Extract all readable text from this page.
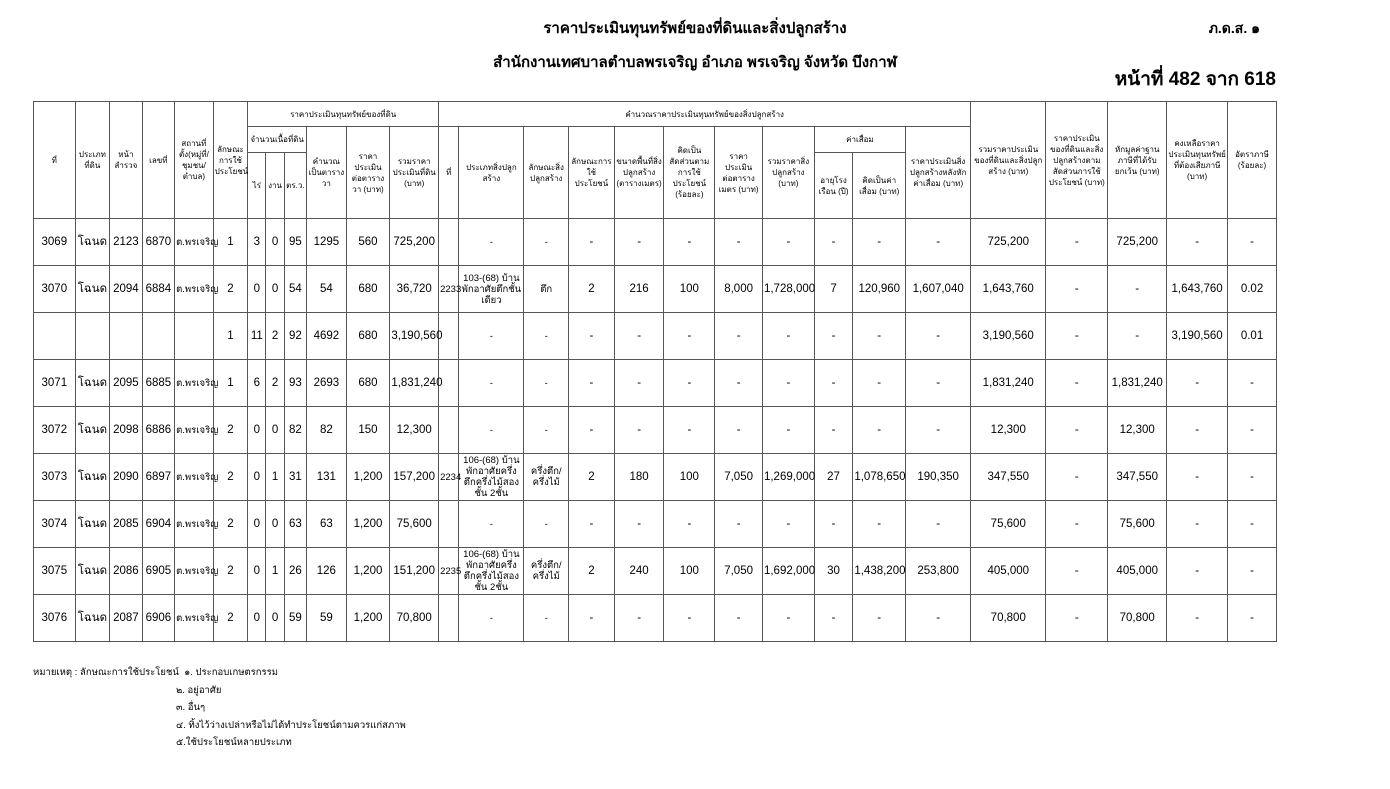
ราคาประเมินทุนทรัพย์ของที่ดินและสิ่งปลูกสร้าง
สำนักงานเทศบาลตำบลพรเจริญ อำเภอ พรเจริญ จังหวัด บึงกาฬ
ภ.ด.ส. ๑
หน้าที่ 482 จาก 618
ที่	ประเภทที่ดิน	หน้าสำรวจ	เลขที่	สถานที่ตั้ง(หมู่ที่/ชุมชน/ตำบล)	ลักษณะการใช้ประโยชน์	ราคาประเมินทุนทรัพย์ของที่ดิน						คำนวณราคาประเมินทุนทรัพย์ของสิ่งปลูกสร้าง											รวมราคาประเมินของที่ดินและสิ่งปลูกสร้าง (บาท)	ราคาประเมินของที่ดินและสิ่งปลูกสร้างตามสัดส่วนการใช้ประโยชน์ (บาท)	หักมูลค่าฐานภาษีที่ได้รับยกเว้น (บาท)	คงเหลือราคาประเมินทุนทรัพย์ที่ต้องเสียภาษี (บาท)	อัตราภาษี (ร้อยละ)
						จำนวนเนื้อที่ดิน			คำนวณเป็นตารางวา	ราคาประเมินต่อตารางวา (บาท)	รวมราคาประเมินที่ดิน (บาท)	ที่	ประเภทสิ่งปลูกสร้าง	ลักษณะสิ่งปลูกสร้าง	ลักษณะการใช้ประโยชน์	ขนาดพื้นที่สิ่งปลูกสร้าง (ตารางเมตร)	คิดเป็นสัดส่วนตามการใช้ประโยชน์ (ร้อยละ)	ราคาประเมินต่อตารางเมตร (บาท)	รวมราคาสิ่งปลูกสร้าง (บาท)	ค่าเสื่อม		ราคาประเมินสิ่งปลูกสร้างหลังหักค่าเสื่อม (บาท)					
						ไร่	งาน	ตร.ว.												อายุโรงเรือน (ปี)	คิดเป็นค่าเสื่อม (บาท)						
3069	โฉนด	2123	6870	ต.พรเจริญ	1	3	0	95	1295	560	725,200		-	-	-	-	-	-	-	-	-	-	725,200	-	725,200	-	-
3070	โฉนด	2094	6884	ต.พรเจริญ	2	0	0	54	54	680	36,720	2233	103-(68) บ้านพักอาศัยตึกชั้นเดียว	ตึก	2	216	100	8,000	1,728,000	7	120,960	1,607,040	1,643,760	-	-	1,643,760	0.02
					1	11	2	92	4692	680	3,190,560		-	-	-	-	-	-	-	-	-	-	3,190,560	-	-	3,190,560	0.01
3071	โฉนด	2095	6885	ต.พรเจริญ	1	6	2	93	2693	680	1,831,240		-	-	-	-	-	-	-	-	-	-	1,831,240	-	1,831,240	-	-
3072	โฉนด	2098	6886	ต.พรเจริญ	2	0	0	82	82	150	12,300		-	-	-	-	-	-	-	-	-	-	12,300	-	12,300	-	-
3073	โฉนด	2090	6897	ต.พรเจริญ	2	0	1	31	131	1,200	157,200	2234	106-(68) บ้านพักอาศัยครึ่งตึกครึ่งไม้สองชั้น 2ชั้น	ครึ่งตึก/ครึ่งไม้	2	180	100	7,050	1,269,000	27	1,078,650	190,350	347,550	-	347,550	-	-
3074	โฉนด	2085	6904	ต.พรเจริญ	2	0	0	63	63	1,200	75,600		-	-	-	-	-	-	-	-	-	-	75,600	-	75,600	-	-
3075	โฉนด	2086	6905	ต.พรเจริญ	2	0	1	26	126	1,200	151,200	2235	106-(68) บ้านพักอาศัยครึ่งตึกครึ่งไม้สองชั้น 2ชั้น	ครึ่งตึก/ครึ่งไม้	2	240	100	7,050	1,692,000	30	1,438,200	253,800	405,000	-	405,000	-	-
3076	โฉนด	2087	6906	ต.พรเจริญ	2	0	0	59	59	1,200	70,800		-	-	-	-	-	-	-	-	-	-	70,800	-	70,800	-	-
หมายเหตุ : ลักษณะการใช้ประโยชน์ ๑. ประกอบเกษตรกรรม
๒. อยู่อาศัย
๓. อื่นๆ
๔. ทิ้งไว้ว่างเปล่าหรือไม่ได้ทำประโยชน์ตามควรแก่สภาพ
๕.ใช้ประโยชน์หลายประเภท
